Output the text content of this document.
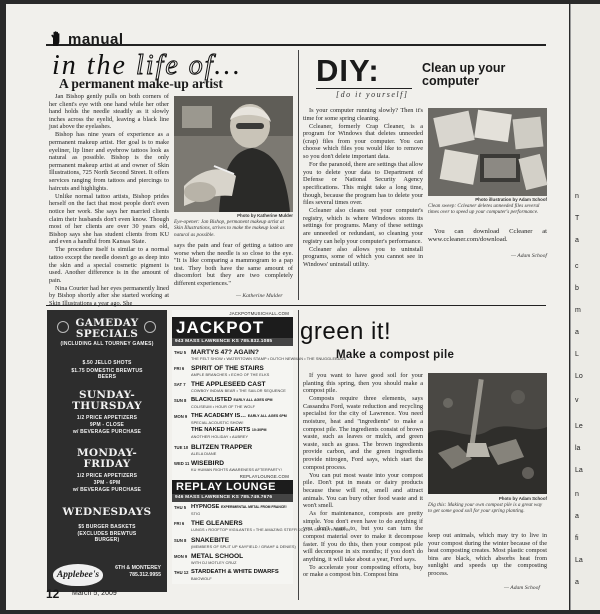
manual
in the life of…
A permanent make-up artist

Jan Bishop gently pulls on both corners of her client's eye with one hand while her other hand holds the needle steadily as it slowly inches across the eyelid, leaving a black line just above the eyelashes.

Bishop has nine years of experience as a permanent makeup artist. Her goal is to make eyeliner, lip liner and eyebrow tattoos look as natural as possible. Bishop is the only permanent makeup artist at and owner of Skin Illustrations, 725 North Second Street. It offers services ranging from tattoos and piercings to haircuts and highlights.

Unlike normal tattoo artists, Bishop prides herself on the fact that most people don't even notice her work. She says her married clients claim their husbands don't even know. Though most of her clients are over 30 years old, Bishop says she has student clients from KU and even a handful from Kansas State.

The procedure itself is similar to a normal tattoo except the needle doesn't go as deep into the skin and a special cosmetic pigment is used. Another difference is in the amount of pain.

Nina Courter had her eyes permanently lined by Bishop shortly after she started working at Skin Illustrations a year ago. She

Photo by Katherine Mulder
Eye-opener: Jan Bishop, permanent makeup artist at Skin Illustrations, strives to make the makeup look as natural as possible.

says the pain and fear of getting a tattoo are worse when the needle is so close to the eye. "It is like comparing a mammogram to a pap test. They both have the same amount of discomfort but they are two completely different experiences."

— Katherine Mulder
DIY:	Clean up your computer
[do it yourself]

Is your computer running slowly? Then it's time for some spring cleaning.

Ccleaner, formerly Crap Cleaner, is a program for Windows that deletes unneeded (crap) files from your computer. You can choose which files you would like to remove so you don't delete important data.

For the paranoid, there are settings that allow you to delete your data to Department of Defense or National Security Agency specifications. This might take a long time, though, because the program has to delete your files several times over.

Ccleaner also cleans out your computer's registry, which is where Windows stores its settings for programs. Many of these settings are unneeded or redundant, so cleaning your registry can help your computer's performance.

Ccleaner also allows you to uninstall programs, some of which you cannot see in Windows' uninstall utility.

Photo illustration by Adam Schoof
Clean sweep: Ccleaner deletes unneeded files several times over to speed up your computer's performance.

You can download Ccleaner at www.ccleaner.com/download.

— Adam Schoof
green it!
Make a compost pile

If you want to have good soil for your planting this spring, then you should make a compost pile.

Composts require three elements, says Cassandra Ford, waste reduction and recycling specialist for the city of Lawrence. You need moisture, heat and "ingredients" to make a compost pile. The ingredients consist of brown waste, such as leaves or mulch, and green waste, such as grass. The brown ingredients provide carbon, and the green ingredients provide nitrogen, Ford says, which start the compost process.

You can put most waste into your compost pile. Don't put in meats or dairy products because these will rot, smell and attract animals. You can bury other food waste and it won't smell.

As for maintenance, composts are pretty simple. You don't even have to do anything if you don't want to, but you can turn the compost material over to make it decompose faster. If you do this, then your compost pile will decompose in six months; if you don't do anything, it will take about a year, Ford says.

To accelerate your composting efforts, buy or make a compost bin. Compost bins

Photo by Adam Schoof
Dig this: Making your own compost pile is a great way to get some good soil for your spring planting.

keep out animals, which may try to live in your compost during the winter because of the heat composting creates. Most plastic compost bins are black, which absorbs heat from sunlight and speeds up the composting process.

— Adam Schoof
GAMEDAY SPECIALS
(INCLUDING ALL TOURNEY GAMES)
$.50 JELLO SHOTS
$1.75 DOMESTIC BREWTUS BEERS
SUNDAY-THURSDAY
1/2 PRICE APPETIZERS
9PM - CLOSE
w/ BEVERAGE PURCHASE
MONDAY-FRIDAY
1/2 PRICE APPETIZERS
3PM - 6PM
w/ BEVERAGE PURCHASE
WEDNESDAYS
$5 BURGER BASKETS
(EXCLUDES BREWTUS BURGER)
Applebee's
6TH & MONTEREY
785.312.9955
JACKPOTMUSICHALL.COM
JACKPOT
943 MASS LAWRENCE KS 785.832.1085
THU 5 MARTYS 47? AGAIN?
THE FELT SHOW • WATERTOWN STAMP • DUTCH NEWMAN • THE SNUGGLEBUGS
FRI 6	SPIRIT OF THE STAIRS
AMPLE BRANCHES • ECHO OF THE ELKS
SAT 7 THE APPLESEED CAST
COWBOY INDIAN BEAR • THE SAILOR SEQUENCE
SUN 8 BLACKLISTED EARLY ALL AGES 6PM
COLISEUM • HOUR OF THE WOLF
MON 9 THE ACADEMY IS… EARLY ALL AGES 6PM
SPECIAL ACOUSTIC SHOW!
THE NAKED HEARTS 10:30PM
ANOTHER HOLIDAY • AUBREY
TUE 10 BLITZEN TRAPPER
ALELA DIANE
WED 11 WISEBIRD
KU HUMAN RIGHTS AWARENESS AFTERPARTY!
REPLAYLOUNGE.COM
REPLAY LOUNGE
946 MASS LAWRENCE KS 785.749.7676
THU 5 HYPNOSE EXPERIMENTAL METAL FROM FRANCE!
STIG
FRI 6	THE GLEANERS
LUNGS • ROOFTOP VIGILANTES • THE AMAZING STEFFI JOLTZ • SIR KEITH MARTIN
SUN 8 SNAKEBITE
(MEMBERS OF SPLIT UP KAYFIELD / GRAHF & DENIES)
MON 9 METAL SCHOOL
WITH DJ MOTLEY CRUZ
THU 12 STARDEATH & WHITE DWARFS
BAIOWOLF
12 March 5, 2009
n
T
a
c
b
m
a
L
Lo
v
Le
la
La
n
a
fi
La
a
